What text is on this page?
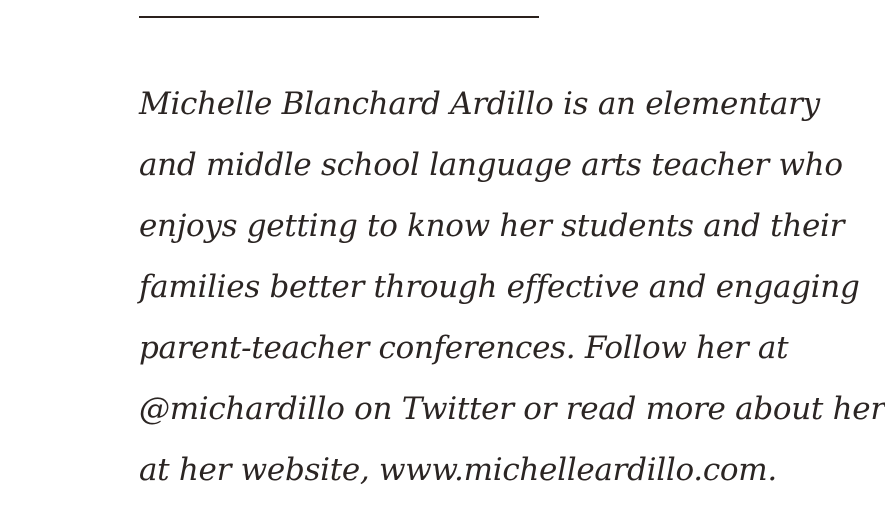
Michelle Blanchard Ardillo is an elementary
and middle school language arts teacher who
enjoys getting to know her students and their
families better through effective and engaging
parent-teacher conferences. Follow her at
@michardillo on Twitter or read more about her
at her website, www.michelleardillo.com.
